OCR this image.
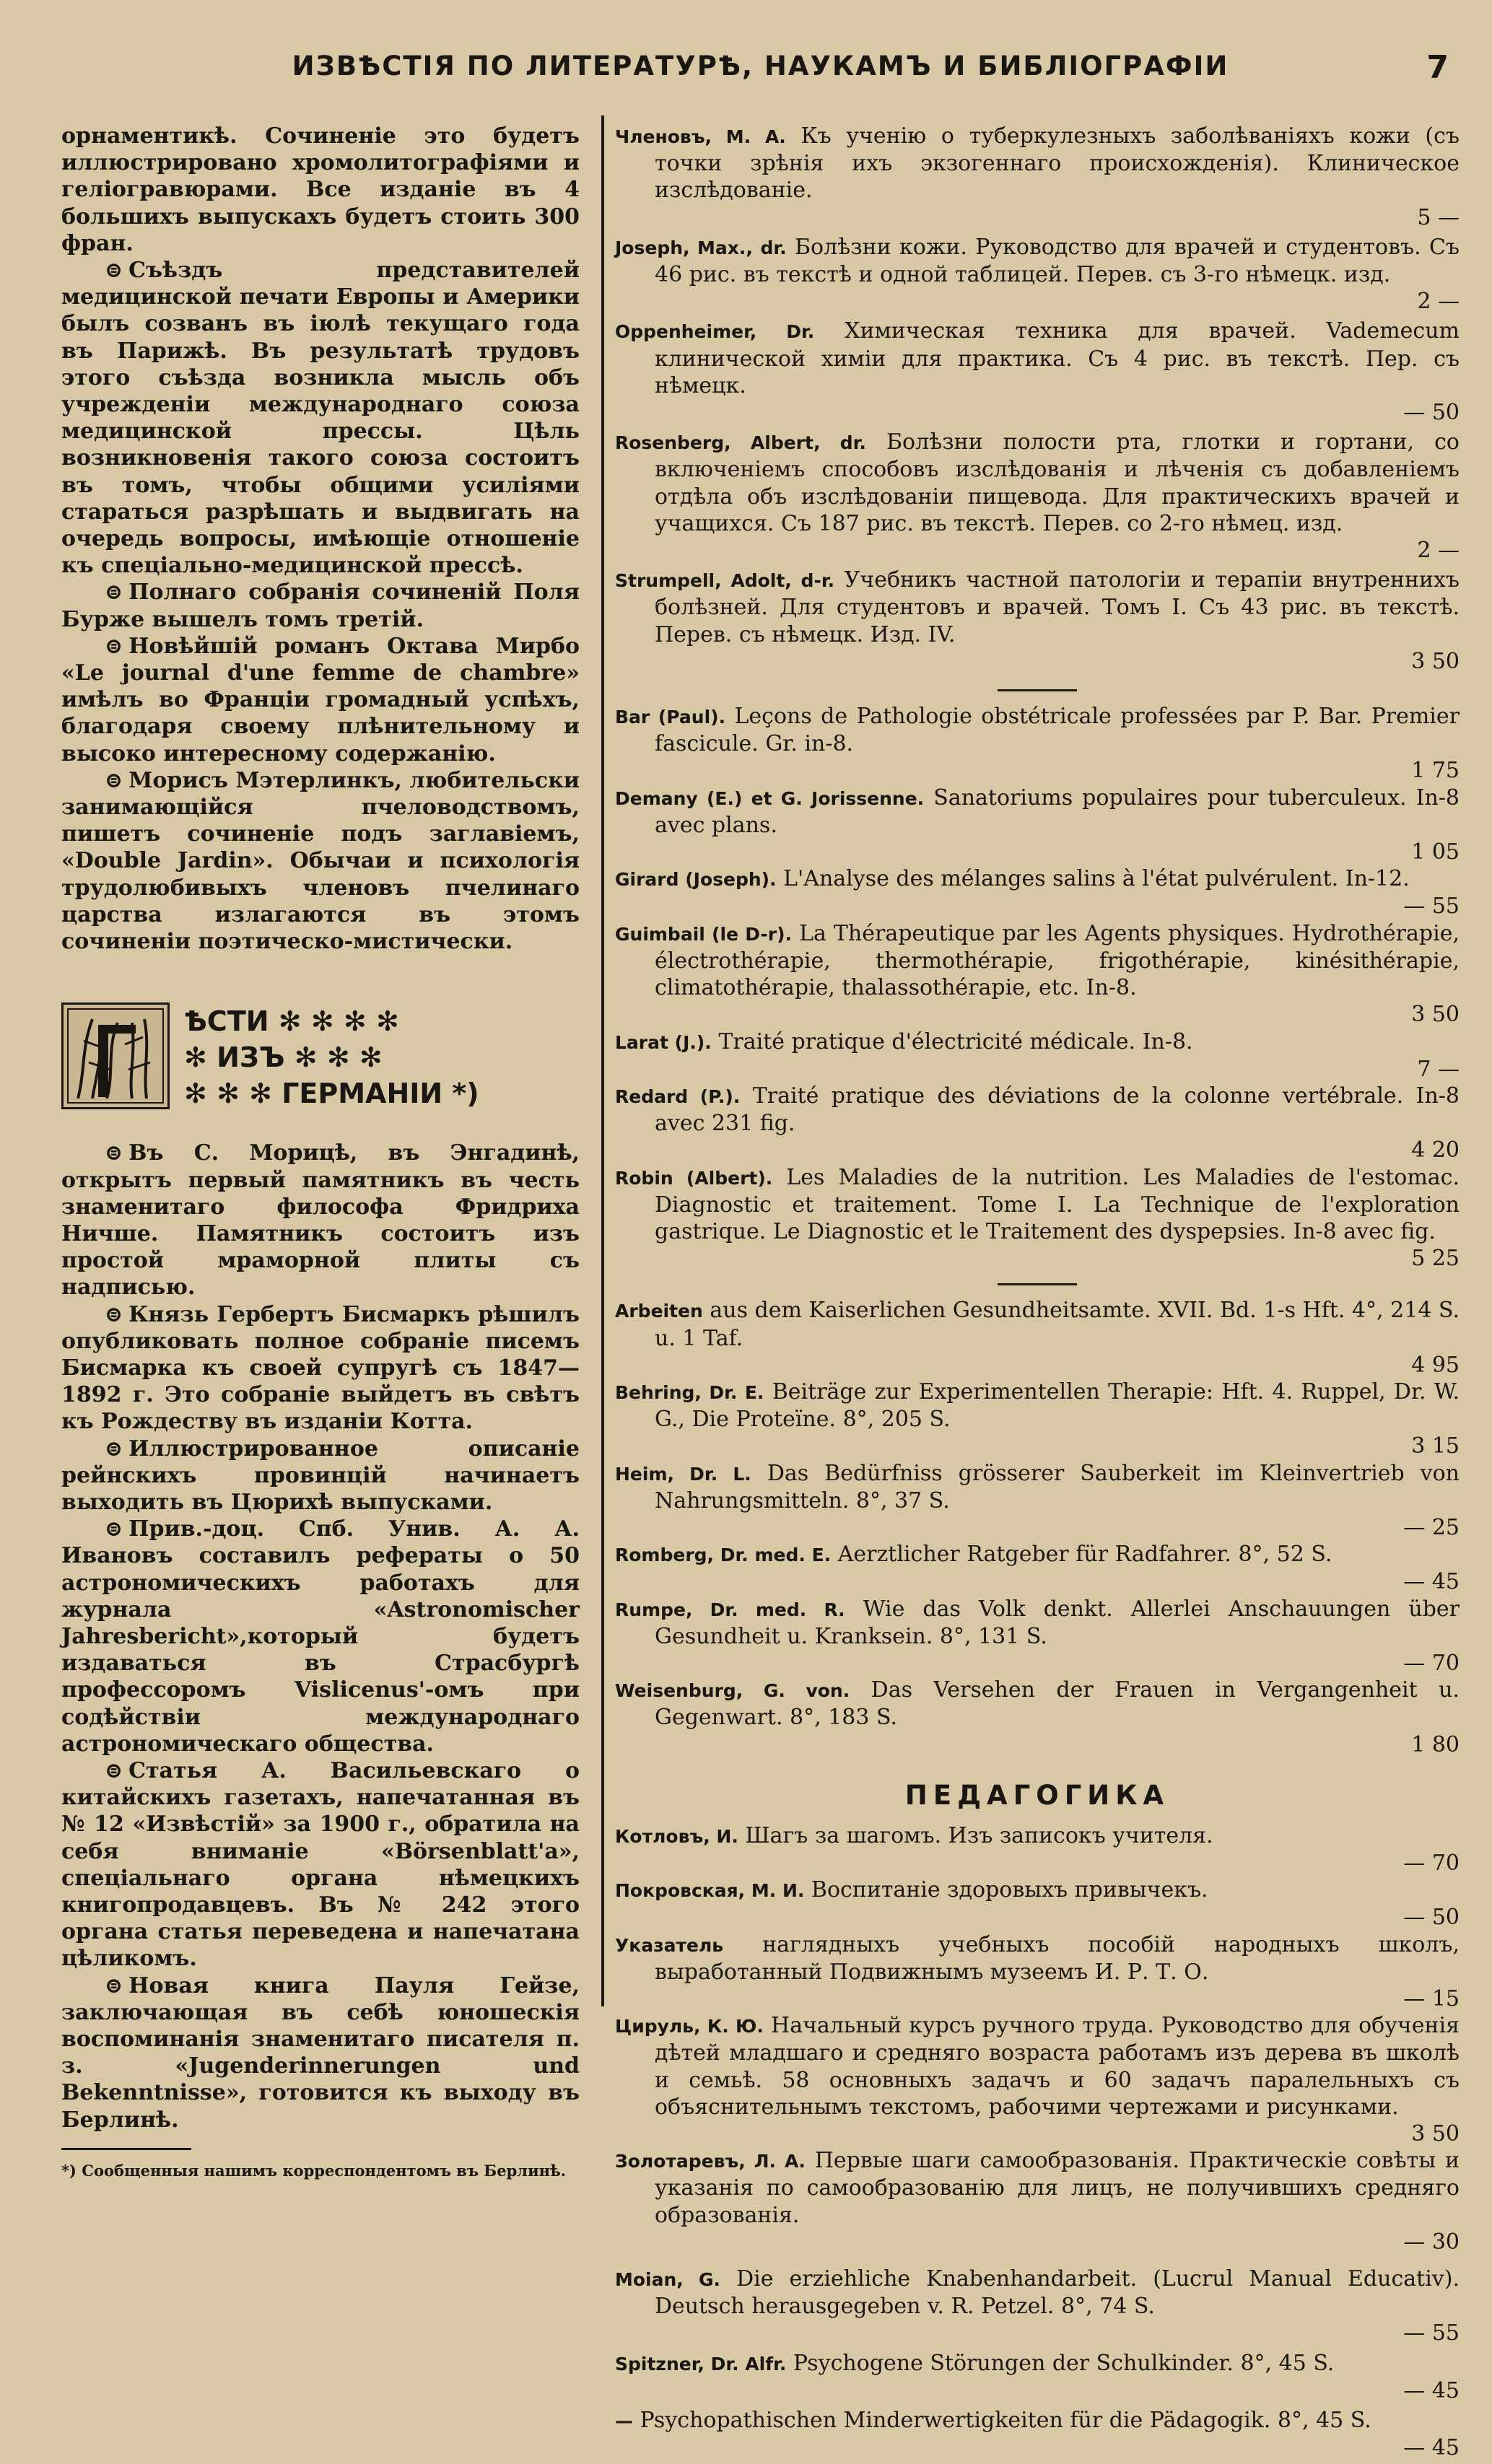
ИЗВѢСТІЯ ПО ЛИТЕРАТУРѢ, НАУКАМЪ И БИБЛІОГРАФІИ	7

орнаментикѣ. Сочиненіе это будетъ иллюстрировано хромолитографіями и геліогравюрами. Все изданіе въ 4 большихъ выпускахъ будетъ стоить 300 фран.

⊜ Съѣздъ представителей медицинской печати Европы и Америки былъ созванъ въ іюлѣ текущаго года въ Парижѣ. Въ результатѣ трудовъ этого съѣзда возникла мысль объ учрежденіи международнаго союза медицинской прессы. Цѣль возникновенія такого союза состоитъ въ томъ, чтобы общими усиліями стараться разрѣшать и выдвигать на очередь вопросы, имѣющіе отношеніе къ спеціально-медицинской прессѣ.

⊜ Полнаго собранія сочиненій Поля Бурже вышелъ томъ третій.

⊜ Новѣйшій романъ Октава Мирбо «Le journal d'une femme de chambre» имѣлъ во Франціи громадный успѣхъ, благодаря своему плѣнительному и высоко интересному содержанію.

⊜ Морисъ Мэтерлинкъ, любительски занимающійся пчеловодствомъ, пишетъ сочиненіе подъ заглавіемъ, «Double Jardin». Обычаи и психологія трудолюбивыхъ членовъ пчелинаго царства излагаются въ этомъ сочиненіи поэтическо-мистически.

ѢСТИ ✻ ✻ ✻ ✻
✻ ИЗЪ ✻ ✻ ✻
✻ ✻ ✻ ГЕРМАНІИ *)

⊜ Въ С. Морицѣ, въ Энгадинѣ, открытъ первый памятникъ въ честь знаменитаго философа Фридриха Ничше. Памятникъ состоитъ изъ простой мраморной плиты съ надписью.

⊜ Князь Гербертъ Бисмаркъ рѣшилъ опубликовать полное собраніе писемъ Бисмарка къ своей супругѣ съ 1847—1892 г. Это собраніе выйдетъ въ свѣтъ къ Рождеству въ изданіи Котта.

⊜ Иллюстрированное описаніе рейнскихъ провинцій начинаетъ выходить въ Цюрихѣ выпусками.

⊜ Прив.-доц. Спб. Унив. А. А. Ивановъ составилъ рефераты о 50 астрономическихъ работахъ для журнала «Astronomischer Jahresbericht»,который будетъ издаваться въ Страсбургѣ профессоромъ Vislicenus'-омъ при содѣйствіи международнаго астрономическаго общества.

⊜ Статья А. Васильевскаго о китайскихъ газетахъ, напечатанная въ № 12 «Извѣстій» за 1900 г., обратила на себя вниманіе «Börsenblatt'a», спеціальнаго органа нѣмецкихъ книгопродавцевъ. Въ № 242 этого органа статья переведена и напечатана цѣликомъ.

⊜ Новая книга Пауля Гейзе, заключающая въ себѣ юношескія воспоминанія знаменитаго писателя п. з. «Jugenderinnerungen und Bekenntnisse», готовится къ выходу въ Берлинѣ.

*) Сообщенныя нашимъ корреспондентомъ въ Берлинѣ.

Членовъ, М. А. Къ ученію о туберкулезныхъ заболѣваніяхъ кожи (съ точки зрѣнія ихъ экзогеннаго происхожденія). Клиническое изслѣдованіе.
5 —

Joseph, Max., dr. Болѣзни кожи. Руководство для врачей и студентовъ. Съ 46 рис. въ текстѣ и одной таблицей. Перев. съ 3-го нѣмецк. изд.
2 —

Oppenheimer, Dr. Химическая техника для врачей. Vademecum клинической химіи для практика. Съ 4 рис. въ текстѣ. Пер. съ нѣмецк.
— 50

Rosenberg, Albert, dr. Болѣзни полости рта, глотки и гортани, со включеніемъ способовъ изслѣдованія и лѣченія съ добавленіемъ отдѣла объ изслѣдованіи пищевода. Для практическихъ врачей и учащихся. Съ 187 рис. въ текстѣ. Перев. со 2-го нѣмец. изд.
2 —

Strumpell, Adolt, d-r. Учебникъ частной патологіи и терапіи внутреннихъ болѣзней. Для студентовъ и врачей. Томъ I. Съ 43 рис. въ текстѣ. Перев. съ нѣмецк. Изд. IV.
3 50

Bar (Paul). Leçons de Pathologie obstétricale professées par P. Bar. Premier fascicule. Gr. in-8.
1 75

Demany (E.) et G. Jorissenne. Sanatoriums populaires pour tuberculeux. In-8 avec plans.
1 05

Girard (Joseph). L'Analyse des mélanges salins à l'état pulvérulent. In-12.
— 55

Guimbail (le D-r). La Thérapeutique par les Agents physiques. Hydrothérapie, électrothérapie, thermothérapie, frigothérapie, kinésithérapie, climatothérapie, thalassothérapie, etc. In-8.
3 50

Larat (J.). Traité pratique d'électricité médicale. In-8.
7 —

Redard (P.). Traité pratique des déviations de la colonne vertébrale. In-8 avec 231 fig.
4 20

Robin (Albert). Les Maladies de la nutrition. Les Maladies de l'estomac. Diagnostic et traitement. Tome I. La Technique de l'exploration gastrique. Le Diagnostic et le Traitement des dyspepsies. In-8 avec fig.
5 25

Arbeiten aus dem Kaiserlichen Gesundheitsamte. XVII. Bd. 1-s Hft. 4°, 214 S. u. 1 Taf.
4 95

Behring, Dr. E. Beiträge zur Experimentellen Therapie: Hft. 4. Ruppel, Dr. W. G., Die Proteïne. 8°, 205 S.
3 15

Heim, Dr. L. Das Bedürfniss grösserer Sauberkeit im Kleinvertrieb von Nahrungsmitteln. 8°, 37 S.
— 25

Romberg, Dr. med. E. Aerztlicher Ratgeber für Radfahrer. 8°, 52 S.
— 45

Rumpe, Dr. med. R. Wie das Volk denkt. Allerlei Anschauungen über Gesundheit u. Kranksein. 8°, 131 S.
— 70

Weisenburg, G. von. Das Versehen der Frauen in Vergangenheit u. Gegenwart. 8°, 183 S.
1 80

ПЕДАГОГИКА

Котловъ, И. Шагъ за шагомъ. Изъ записокъ учителя.
— 70

Покровская, М. И. Воспитаніе здоровыхъ привычекъ.
— 50

Указатель наглядныхъ учебныхъ пособій народныхъ школъ, выработанный Подвижнымъ музеемъ И. Р. Т. О.
— 15

Цируль, К. Ю. Начальный курсъ ручного труда. Руководство для обученія дѣтей младшаго и средняго возраста работамъ изъ дерева въ школѣ и семьѣ. 58 основныхъ задачъ и 60 задачъ паралельныхъ съ объяснительнымъ текстомъ, рабочими чертежами и рисунками.
3 50

Золотаревъ, Л. А. Первые шаги самообразованія. Практическіе совѣты и указанія по самообразованію для лицъ, не получившихъ средняго образованія.
— 30

Moian, G. Die erziehliche Knabenhandarbeit. (Lucrul Manual Educativ). Deutsch herausgegeben v. R. Petzel. 8°, 74 S.
— 55

Spitzner, Dr. Alfr. Psychogene Störungen der Schulkinder. 8°, 45 S.
— 45

— Psychopathischen Minderwertigkeiten für die Pädagogik. 8°, 45 S.
— 45
